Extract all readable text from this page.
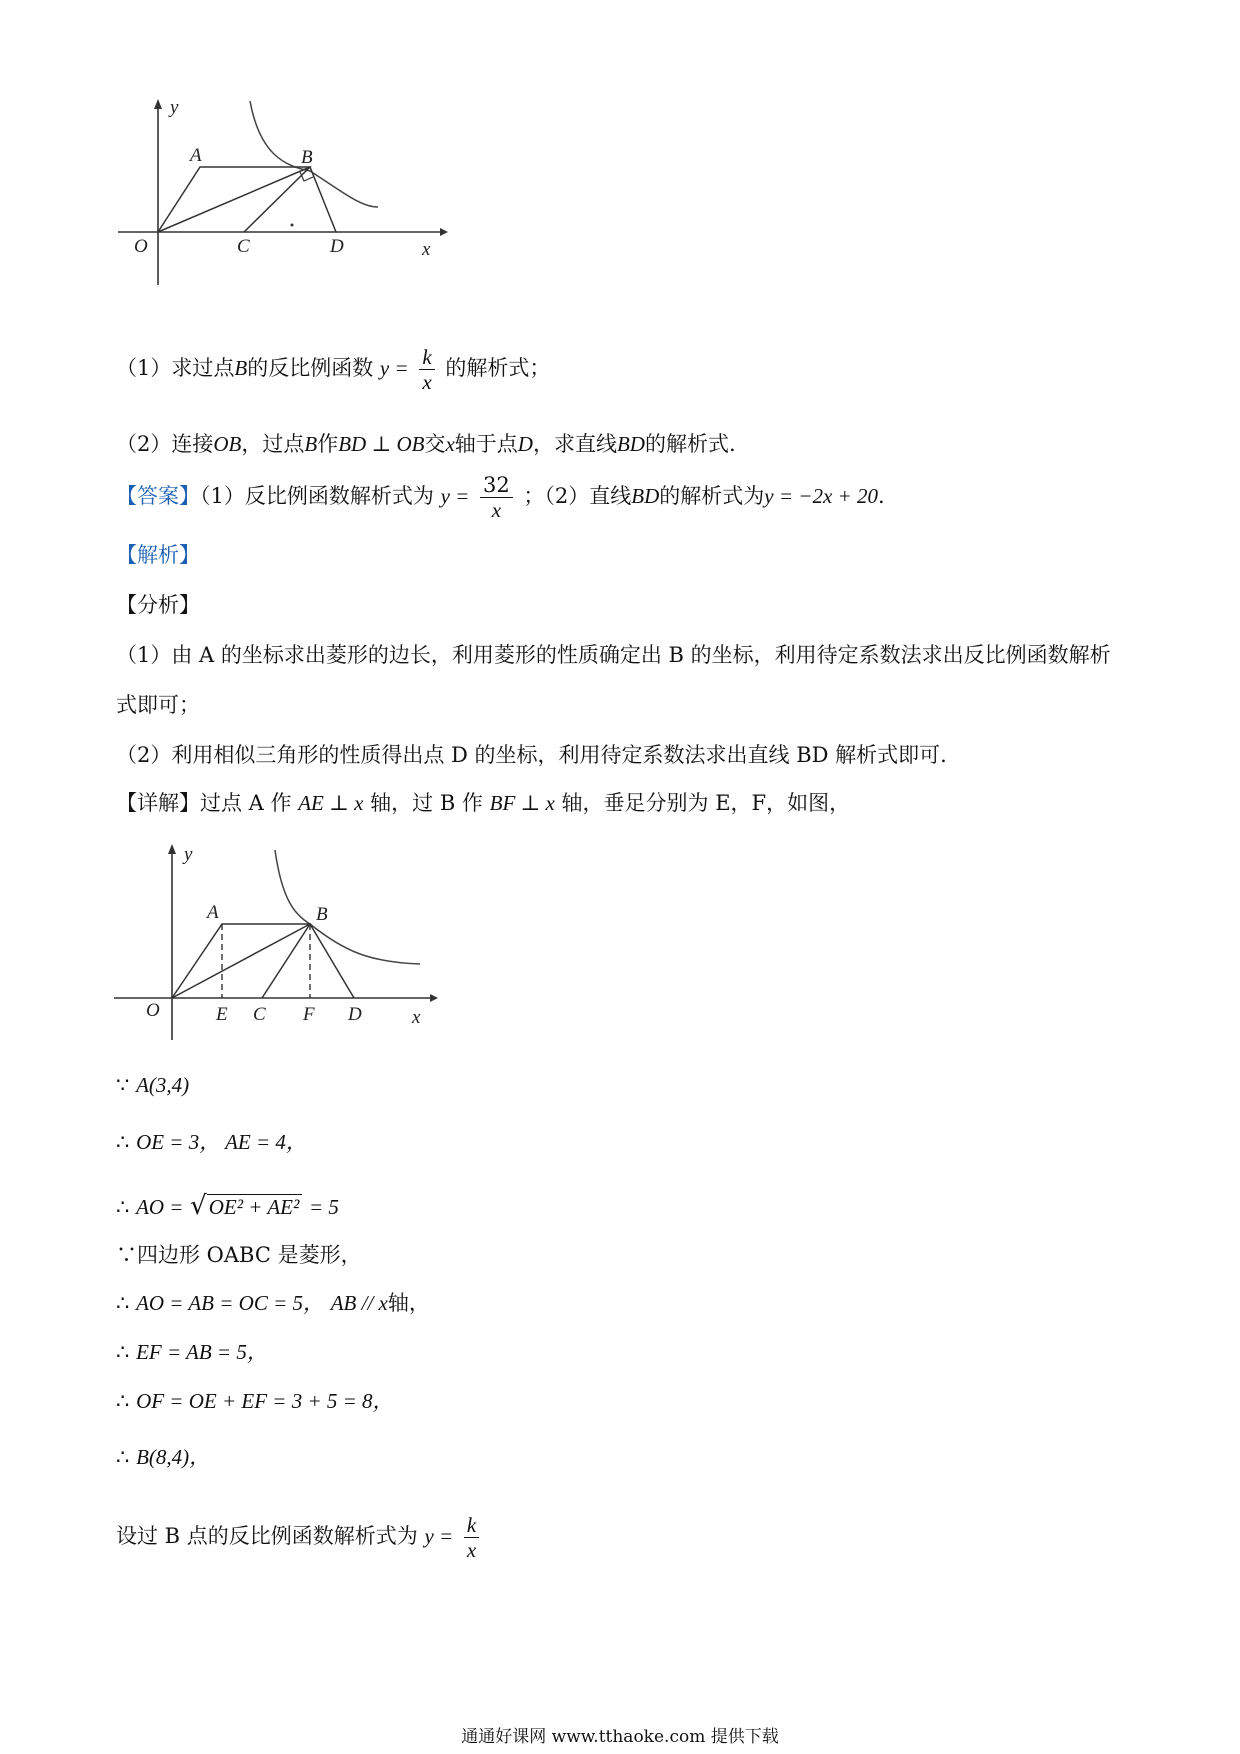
y
A	B
O	C	D	x
（1）求过点B的反比例函数 $y = \frac{k}{x}$ 的解析式；
（2）连接OB，过点B作BD ⊥ OB交x轴于点D，求直线BD的解析式.
【答案】（1）反比例函数解析式为 $y = \frac{32}{x}$ ；（2）直线BD的解析式为y = −2x + 20.
【解析】
【分析】
（1）由 A 的坐标求出菱形的边长，利用菱形的性质确定出 B 的坐标，利用待定系数法求出反比例函数解析
式即可；
（2）利用相似三角形的性质得出点 D 的坐标，利用待定系数法求出直线 BD 解析式即可.
【详解】过点 A 作 AE ⊥ x 轴，过 B 作 BF ⊥ x 轴，垂足分别为 E，F，如图，
y
A	B
O	E C F D	x
∵ A(3,4)
∴ OE = 3， AE = 4，
∴ AO = √OE² + AE² = 5
∵四边形 OABC 是菱形，
∴ AO = AB = OC = 5， AB // x轴，
∴ EF = AB = 5，
∴ OF = OE + EF = 3 + 5 = 8，
∴ B(8,4)，
设过 B 点的反比例函数解析式为 $y = \frac{k}{x}$
通通好课网 www.tthaoke.com 提供下载
